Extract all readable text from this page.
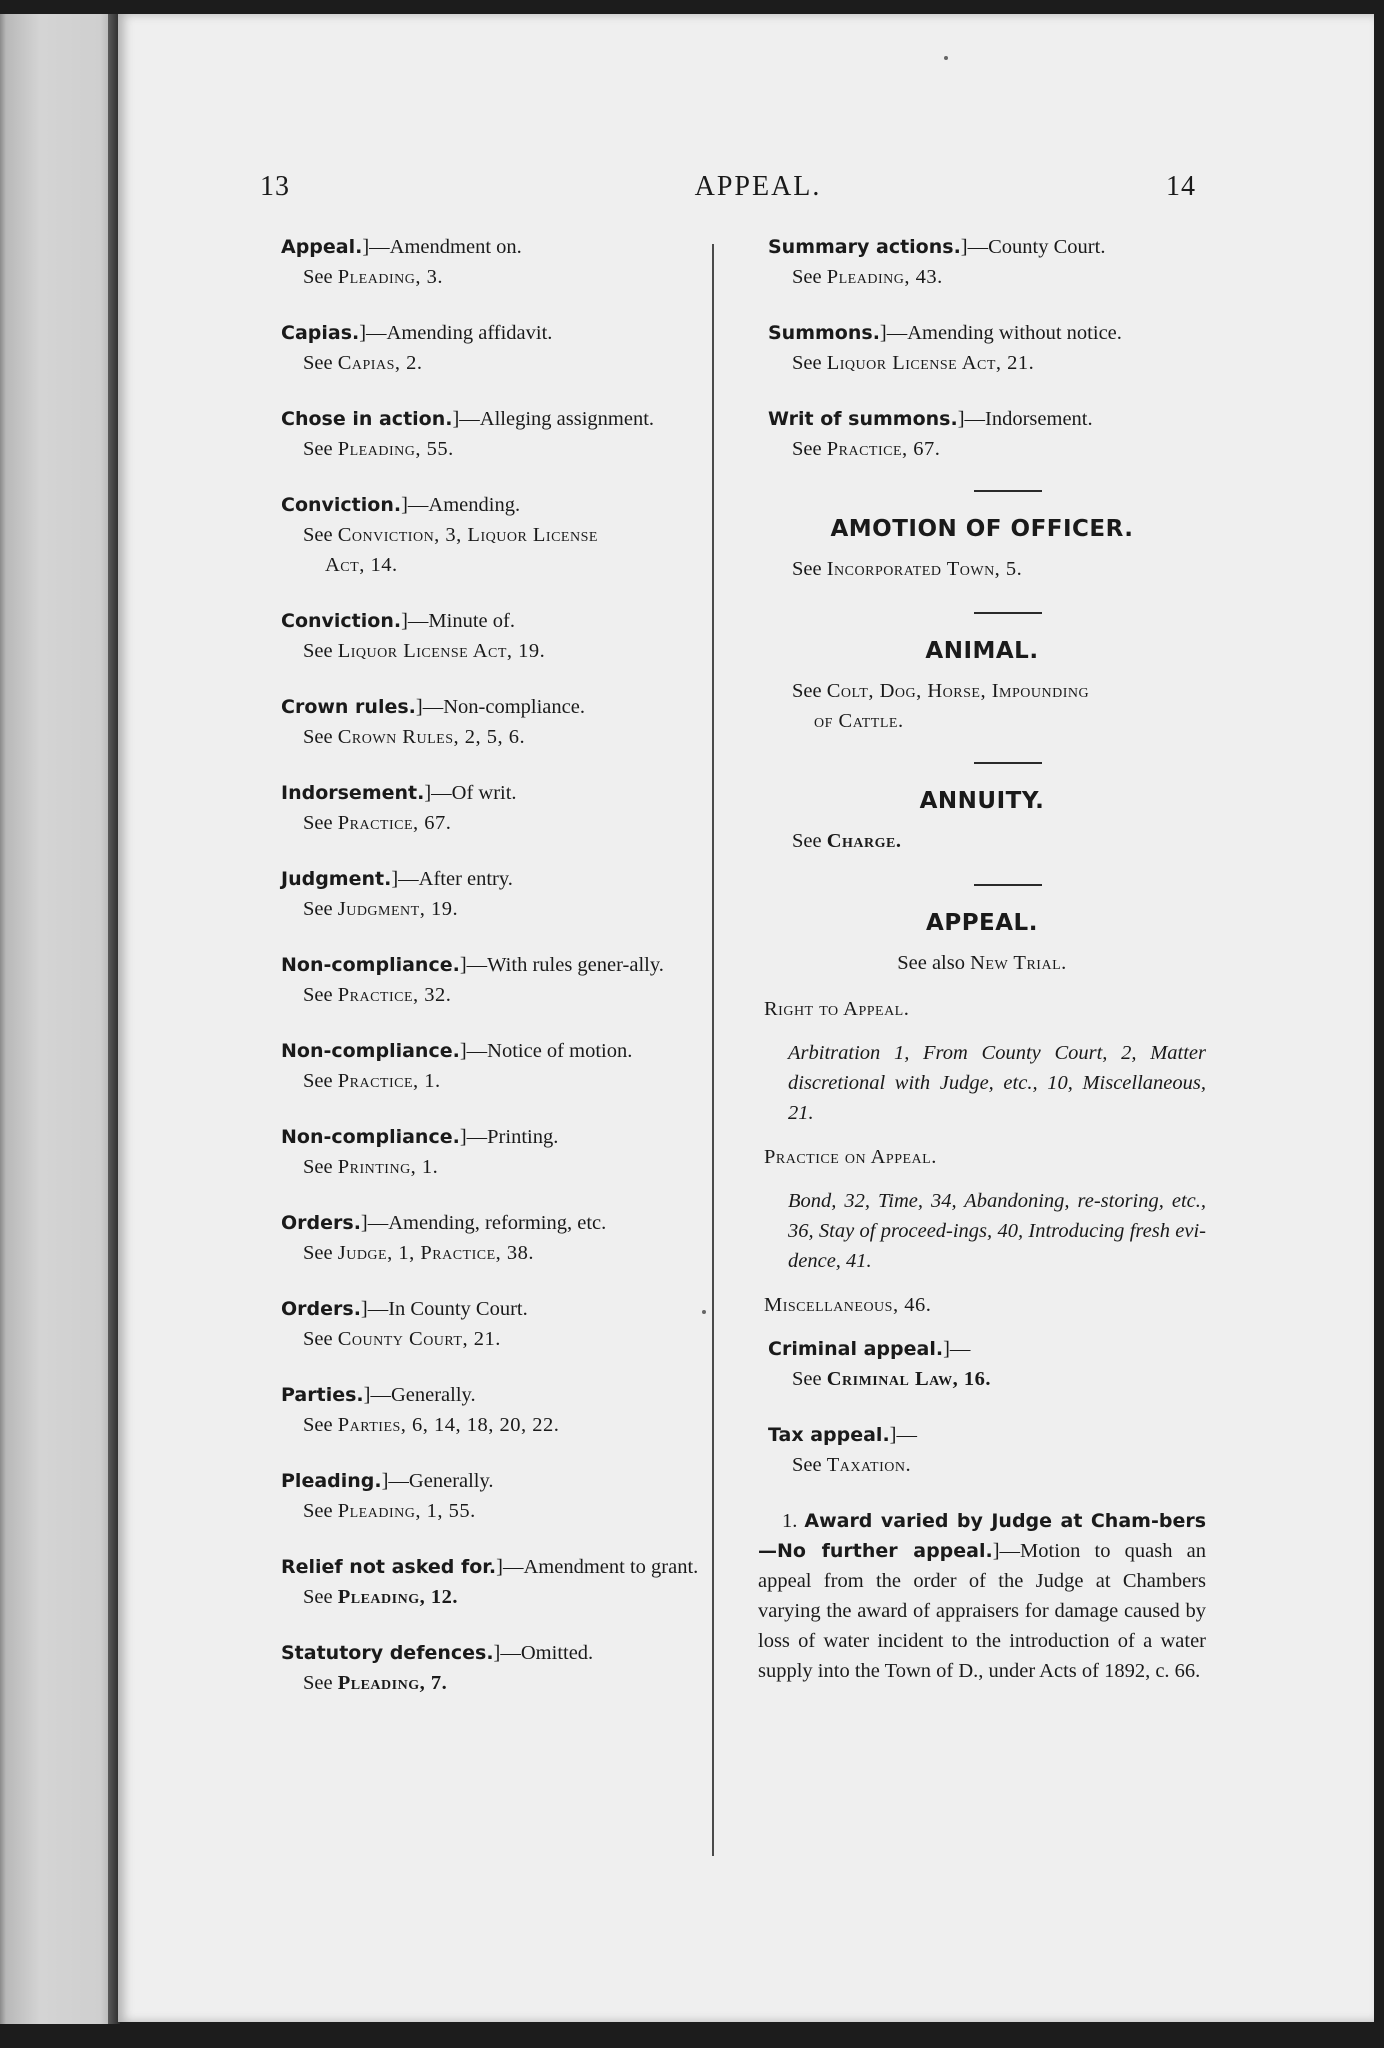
13	APPEAL.	14
Appeal.]—Amendment on.
See Pleading, 3.
Capias.]—Amending affidavit.
See Capias, 2.
Chose in action.]—Alleging assignment.
See Pleading, 55.
Conviction.]—Amending.
See Conviction, 3, Liquor License
Act, 14.
Conviction.]—Minute of.
See Liquor License Act, 19.
Crown rules.]—Non-compliance.
See Crown Rules, 2, 5, 6.
Indorsement.]—Of writ.
See Practice, 67.
Judgment.]—After entry.
See Judgment, 19.
Non-compliance.]—With rules gener-ally.
See Practice, 32.
Non-compliance.]—Notice of motion.
See Practice, 1.
Non-compliance.]—Printing.
See Printing, 1.
Orders.]—Amending, reforming, etc.
See Judge, 1, Practice, 38.
Orders.]—In County Court.
See County Court, 21.
Parties.]—Generally.
See Parties, 6, 14, 18, 20, 22.
Pleading.]—Generally.
See Pleading, 1, 55.
Relief not asked for.]—Amendment to grant.
See Pleading, 12.
Statutory defences.]—Omitted.
See Pleading, 7.
Summary actions.]—County Court.
See Pleading, 43.
Summons.]—Amending without notice.
See Liquor License Act, 21.
Writ of summons.]—Indorsement.
See Practice, 67.
AMOTION OF OFFICER.
See Incorporated Town, 5.
ANIMAL.
See Colt, Dog, Horse, Impounding
of Cattle.
ANNUITY.
See Charge.
APPEAL.
See also New Trial.
Right to Appeal.
Arbitration 1, From County Court, 2, Matter discretional with Judge, etc., 10, Miscellaneous, 21.
Practice on Appeal.
Bond, 32, Time, 34, Abandoning, re-storing, etc., 36, Stay of proceed-ings, 40, Introducing fresh evi-dence, 41.
Miscellaneous, 46.
Criminal appeal.]—
See Criminal Law, 16.
Tax appeal.]—
See Taxation.
1. Award varied by Judge at Cham-bers—No further appeal.]—Motion to quash an appeal from the order of the Judge at Chambers varying the award of appraisers for damage caused by loss of water incident to the introduction of a water supply into the Town of D., under Acts of 1892, c. 66.
